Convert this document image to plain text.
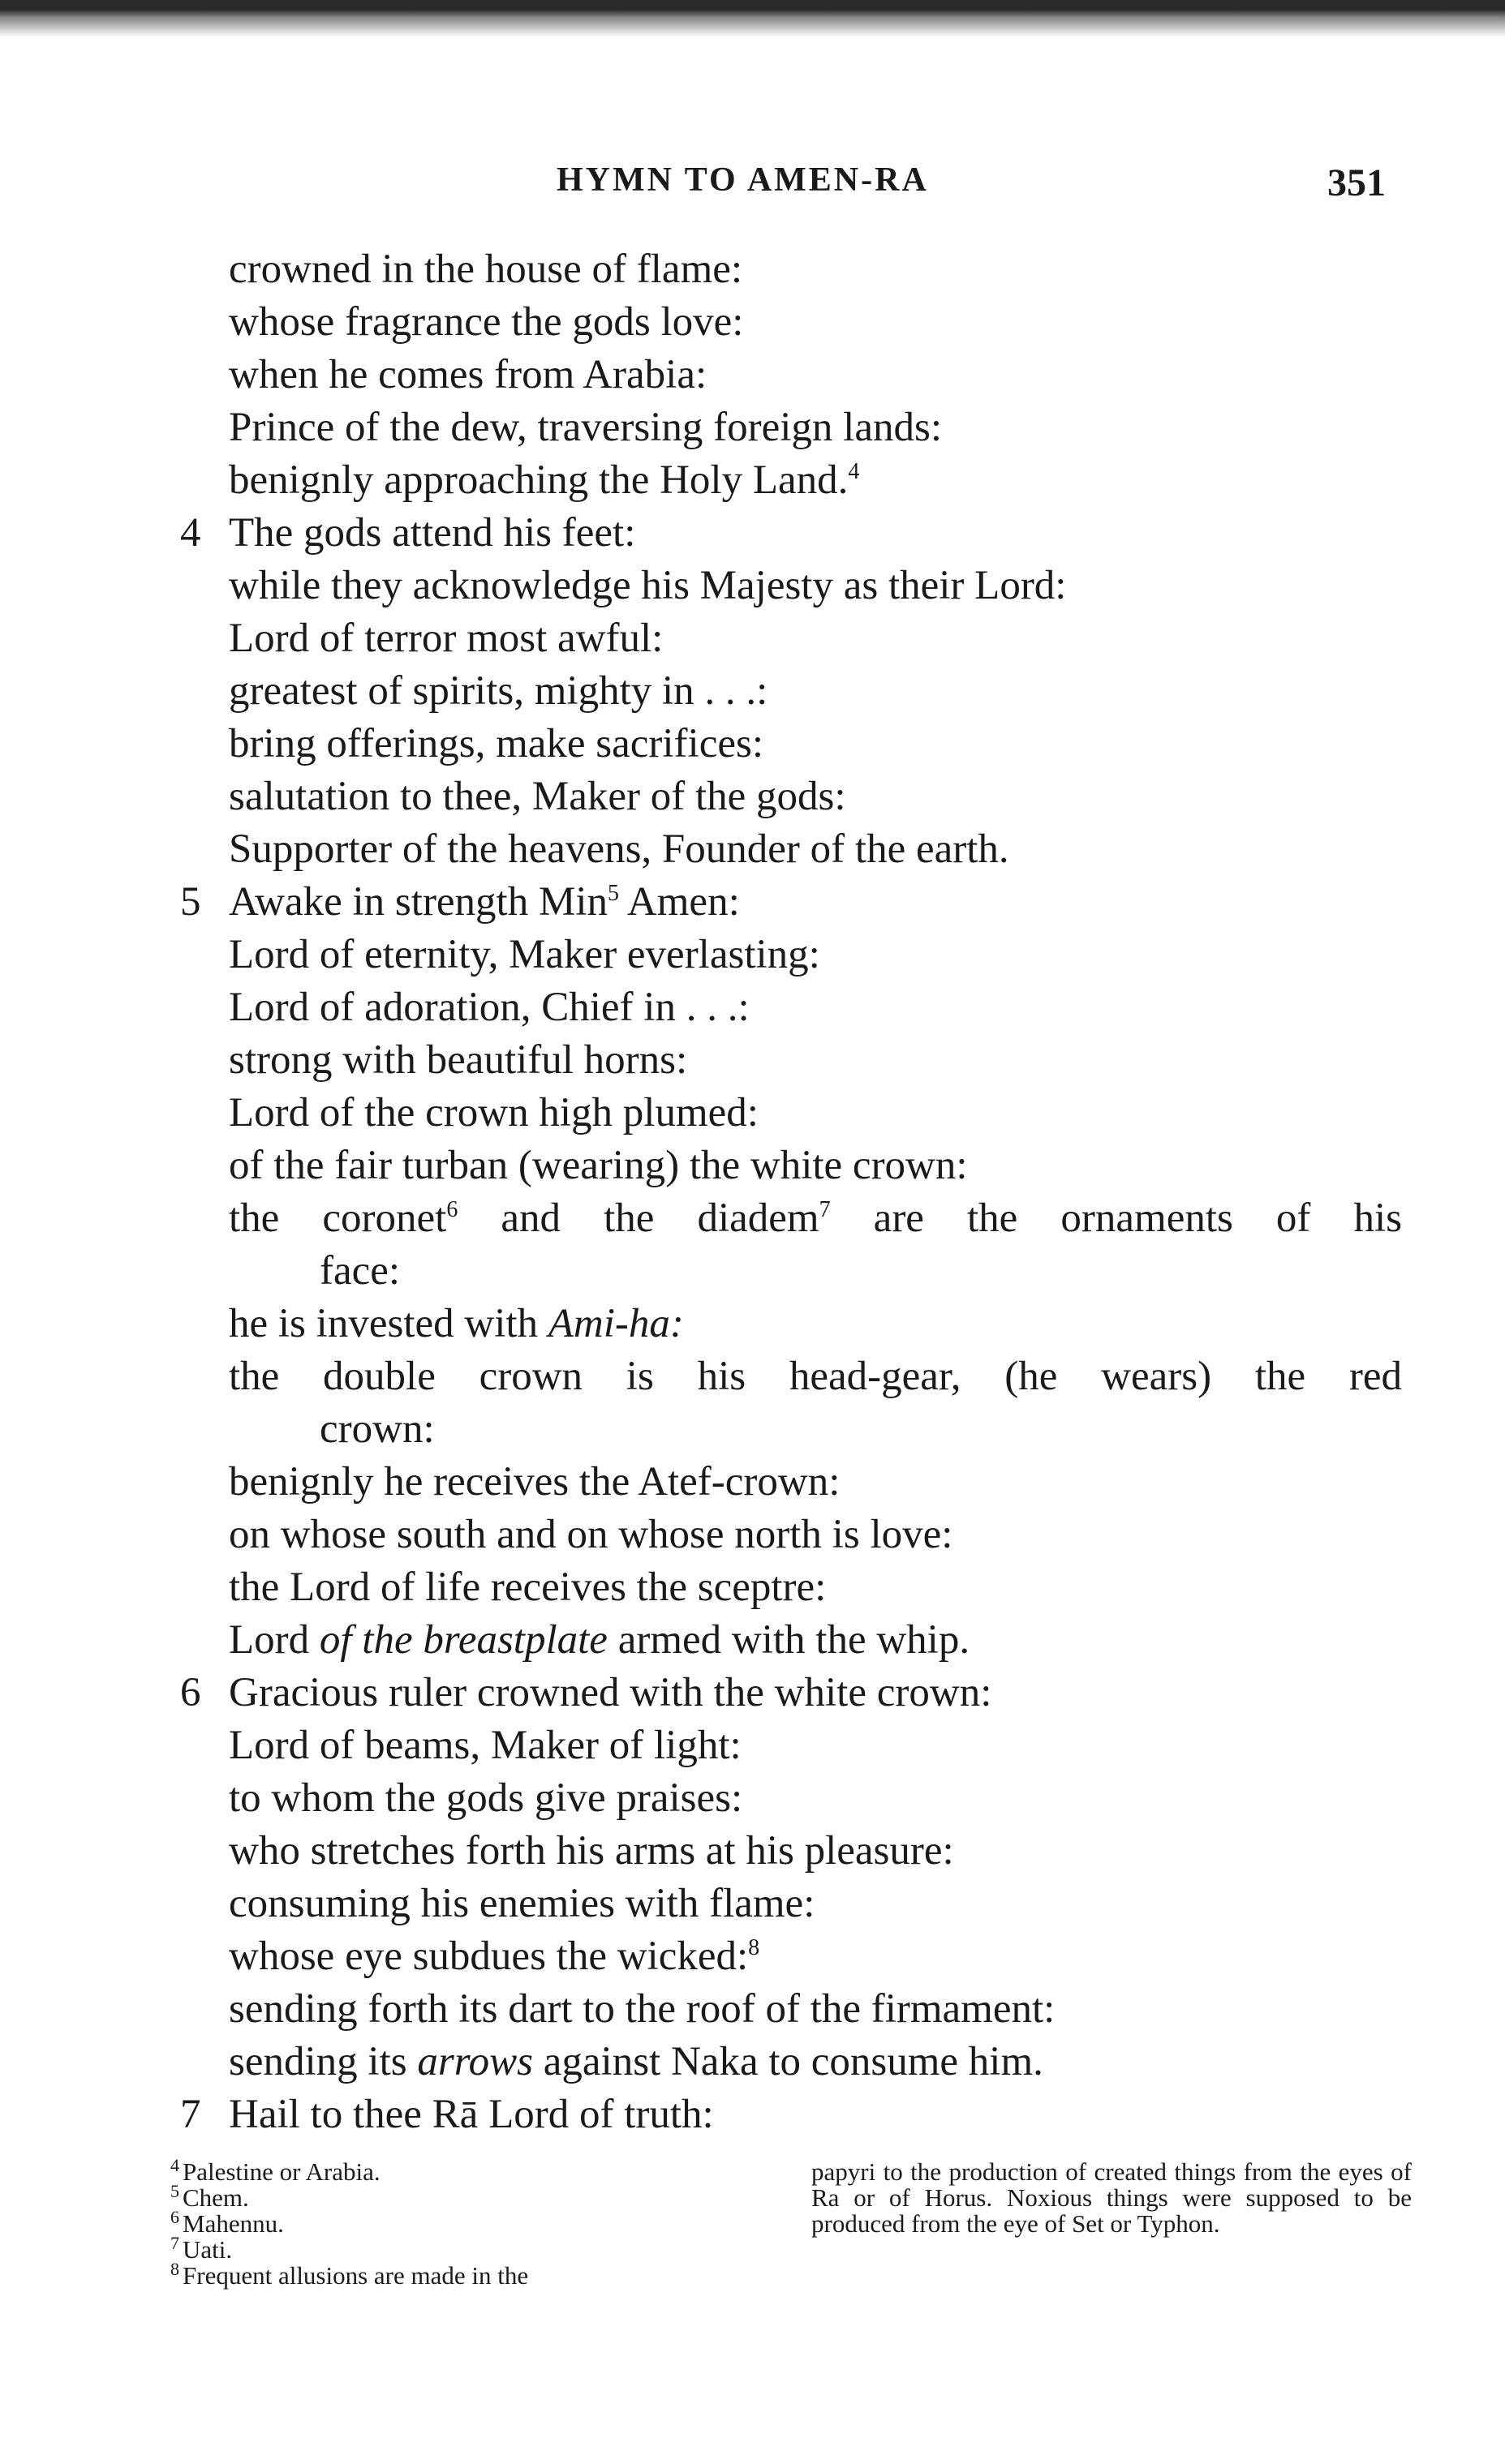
HYMN TO AMEN-RA	351
crowned in the house of flame:
whose fragrance the gods love:
when he comes from Arabia:
Prince of the dew, traversing foreign lands:
benignly approaching the Holy Land.$^4$
4 The gods attend his feet:
while they acknowledge his Majesty as their Lord:
Lord of terror most awful:
greatest of spirits, mighty in . . .:
bring offerings, make sacrifices:
salutation to thee, Maker of the gods:
Supporter of the heavens, Founder of the earth.
5 Awake in strength Min$^5$ Amen:
Lord of eternity, Maker everlasting:
Lord of adoration, Chief in . . .:
strong with beautiful horns:
Lord of the crown high plumed:
of the fair turban (wearing) the white crown:
the coronet$^6$ and the diadem$^7$ are the ornaments of his
face:
he is invested with Ami-ha:
the double crown is his head-gear, (he wears) the red
crown:
benignly he receives the Atef-crown:
on whose south and on whose north is love:
the Lord of life receives the sceptre:
Lord of the breastplate armed with the whip.
6 Gracious ruler crowned with the white crown:
Lord of beams, Maker of light:
to whom the gods give praises:
who stretches forth his arms at his pleasure:
consuming his enemies with flame:
whose eye subdues the wicked:$^8$
sending forth its dart to the roof of the firmament:
sending its arrows against Naka to consume him.
7 Hail to thee Rā Lord of truth:
$^4$ Palestine or Arabia.
$^5$ Chem.
$^6$ Mahennu.
$^7$ Uati.
$^8$ Frequent allusions are made in the
papyri to the production of created things from the eyes of Ra or of Horus. Noxious things were supposed to be produced from the eye of Set or Typhon.
